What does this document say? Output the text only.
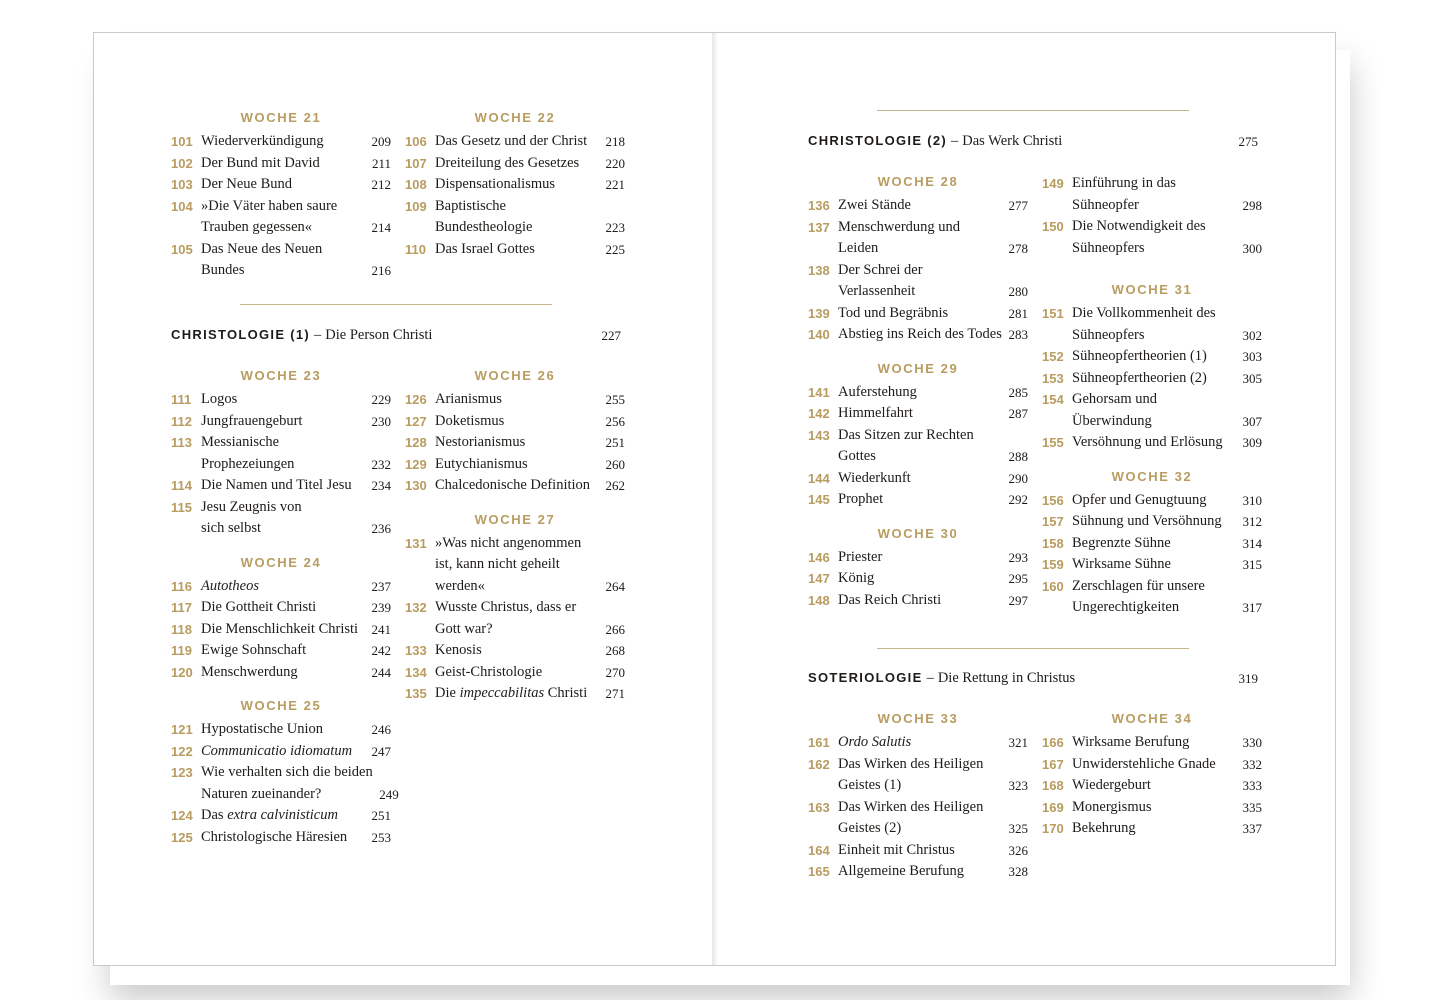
WOCHE 21
101 Wiederverkündigung	209
102 Der Bund mit David	211
103 Der Neue Bund	212
104 »Die Väter haben saure
Trauben gegessen«	214
105 Das Neue des Neuen
Bundes	216
WOCHE 22
106 Das Gesetz und der Christ	218
107 Dreiteilung des Gesetzes	220
108 Dispensationalismus	221
109 Baptistische
Bundestheologie	223
110 Das Israel Gottes	225
CHRISTOLOGIE (1) – Die Person Christi	227
WOCHE 23
111 Logos	229
112 Jungfrauengeburt	230
113 Messianische
Prophezeiungen	232
114 Die Namen und Titel Jesu	234
115 Jesu Zeugnis von
sich selbst	236
WOCHE 24
116 Autotheos	237
117 Die Gottheit Christi	239
118 Die Menschlichkeit Christi	241
119 Ewige Sohnschaft	242
120 Menschwerdung	244
WOCHE 25
121 Hypostatische Union	246
122 Communicatio idiomatum	247
123 Wie verhalten sich die beiden
Naturen zueinander?	249
124 Das extra calvinisticum	251
125 Christologische Häresien	253
WOCHE 26
126 Arianismus	255
127 Doketismus	256
128 Nestorianismus	251
129 Eutychianismus	260
130 Chalcedonische Definition	262
WOCHE 27
131 »Was nicht angenommen
ist, kann nicht geheilt
werden«	264
132 Wusste Christus, dass er
Gott war?	266
133 Kenosis	268
134 Geist-Christologie	270
135 Die impeccabilitas Christi	271
CHRISTOLOGIE (2) – Das Werk Christi	275
WOCHE 28
136 Zwei Stände	277
137 Menschwerdung und
Leiden	278
138 Der Schrei der
Verlassenheit	280
139 Tod und Begräbnis	281
140 Abstieg ins Reich des Todes 283
WOCHE 29
141 Auferstehung	285
142 Himmelfahrt	287
143 Das Sitzen zur Rechten
Gottes	288
144 Wiederkunft	290
145 Prophet	292
WOCHE 30
146 Priester	293
147 König	295
148 Das Reich Christi	297
149 Einführung in das
Sühneopfer	298
150 Die Notwendigkeit des
Sühneopfers	300
WOCHE 31
151 Die Vollkommenheit des
Sühneopfers	302
152 Sühneopfertheorien (1)	303
153 Sühneopfertheorien (2)	305
154 Gehorsam und
Überwindung	307
155 Versöhnung und Erlösung	309
WOCHE 32
156 Opfer und Genugtuung	310
157 Sühnung und Versöhnung	312
158 Begrenzte Sühne	314
159 Wirksame Sühne	315
160 Zerschlagen für unsere
Ungerechtigkeiten	317
SOTERIOLOGIE – Die Rettung in Christus	319
WOCHE 33
161 Ordo Salutis	321
162 Das Wirken des Heiligen
Geistes (1)	323
163 Das Wirken des Heiligen
Geistes (2)	325
164 Einheit mit Christus	326
165 Allgemeine Berufung	328
WOCHE 34
166 Wirksame Berufung	330
167 Unwiderstehliche Gnade	332
168 Wiedergeburt	333
169 Monergismus	335
170 Bekehrung	337
